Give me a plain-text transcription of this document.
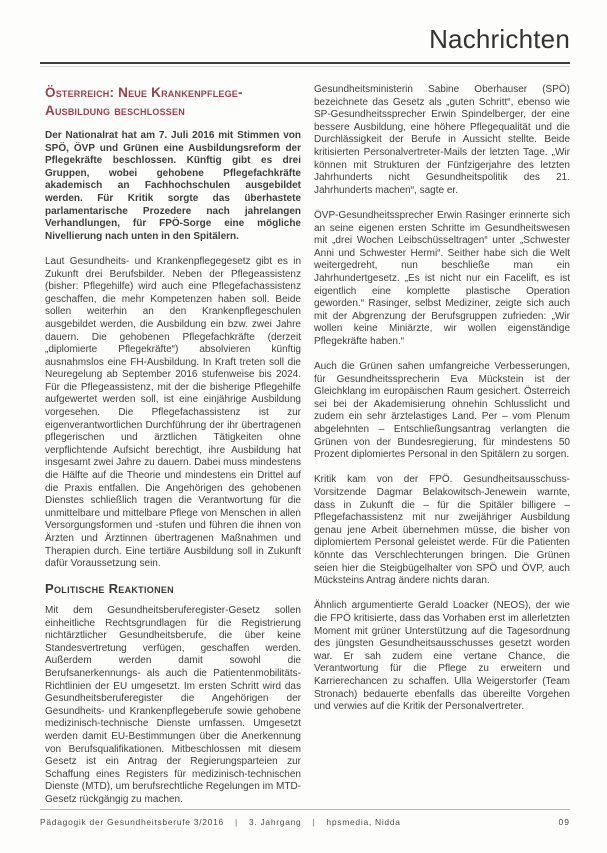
Nachrichten
Österreich: Neue Krankenpflege-Ausbildung beschlossen

Der Nationalrat hat am 7. Juli 2016 mit Stimmen von SPÖ, ÖVP und Grünen eine Ausbildungsreform der Pflegekräfte beschlossen. Künftig gibt es drei Gruppen, wobei gehobene Pflegefachkräfte akademisch an Fachhochschulen ausgebildet werden. Für Kritik sorgte das überhastete parlamentarische Prozedere nach jahrelangen Verhandlungen, für FPÖ-Sorge eine mögliche Nivellierung nach unten in den Spitälern.

Laut Gesundheits- und Krankenpflegegesetz gibt es in Zukunft drei Berufsbilder. Neben der Pflegeassistenz (bisher: Pflegehilfe) wird auch eine Pflegefachassistenz geschaffen, die mehr Kompetenzen haben soll. Beide sollen weiterhin an den Krankenpflegeschulen ausgebildet werden, die Ausbildung ein bzw. zwei Jahre dauern. Die gehobenen Pflegefachkräfte (derzeit „diplomierte Pflegekräfte“) absolvieren künftig ausnahmslos eine FH-Ausbildung. In Kraft treten soll die Neuregelung ab September 2016 stufenweise bis 2024. Für die Pflegeassistenz, mit der die bisherige Pflegehilfe aufgewertet werden soll, ist eine einjährige Ausbildung vorgesehen. Die Pflegefachassistenz ist zur eigenverantwortlichen Durchführung der ihr übertragenen pflegerischen und ärztlichen Tätigkeiten ohne verpflichtende Aufsicht berechtigt, ihre Ausbildung hat insgesamt zwei Jahre zu dauern. Dabei muss mindestens die Hälfte auf die Theorie und mindestens ein Drittel auf die Praxis entfallen. Die Angehörigen des gehobenen Dienstes schließlich tragen die Verantwortung für die unmittelbare und mittelbare Pflege von Menschen in allen Versorgungsformen und -stufen und führen die ihnen von Ärzten und Ärztinnen übertragenen Maßnahmen und Therapien durch. Eine tertiäre Ausbildung soll in Zukunft dafür Voraussetzung sein.

Politische Reaktionen

Mit dem Gesundheitsberuferegister-Gesetz sollen einheitliche Rechtsgrundlagen für die Registrierung nichtärztlicher Gesundheitsberufe, die über keine Standesvertretung verfügen, geschaffen werden. Außerdem werden damit sowohl die Berufsanerkennungs- als auch die Patientenmobilitäts-Richtlinien der EU umgesetzt. Im ersten Schritt wird das Gesundheitsberuferegister die Angehörigen der Gesundheits- und Krankenpflegeberufe sowie gehobene medizinisch-technische Dienste umfassen. Umgesetzt werden damit EU-Bestimmungen über die Anerkennung von Berufsqualifikationen. Mitbeschlossen mit diesem Gesetz ist ein Antrag der Regierungsparteien zur Schaffung eines Registers für medizinisch-technischen Dienste (MTD), um berufsrechtliche Regelungen im MTD-Gesetz rückgängig zu machen.

Gesundheitsministerin Sabine Oberhauser (SPÖ) bezeichnete das Gesetz als „guten Schritt“, ebenso wie SP-Gesundheitssprecher Erwin Spindelberger, der eine bessere Ausbildung, eine höhere Pflegequalität und die Durchlässigkeit der Berufe in Aussicht stellte. Beide kritisierten Personalvertreter-Mails der letzten Tage. „Wir können mit Strukturen der Fünfzigerjahre des letzten Jahrhunderts nicht Gesundheitspolitik des 21. Jahrhunderts machen“, sagte er.

ÖVP-Gesundheitssprecher Erwin Rasinger erinnerte sich an seine eigenen ersten Schritte im Gesundheitswesen mit „drei Wochen Leibschüsseltragen“ unter „Schwester Anni und Schwester Hermi“. Seither habe sich die Welt weitergedreht, nun beschließe man ein Jahrhundertgesetz. „Es ist nicht nur ein Facelift, es ist eigentlich eine komplette plastische Operation geworden.“ Rasinger, selbst Mediziner, zeigte sich auch mit der Abgrenzung der Berufsgruppen zufrieden: „Wir wollen keine Miniärzte, wir wollen eigenständige Pflegekräfte haben.“

Auch die Grünen sahen umfangreiche Verbesserungen, für Gesundheitssprecherin Eva Mückstein ist der Gleichklang im europäischen Raum gesichert. Österreich sei bei der Akademisierung ohnehin Schlusslicht und zudem ein sehr ärztelastiges Land. Per – vom Plenum abgelehnten – Entschließungsantrag verlangten die Grünen von der Bundesregierung, für mindestens 50 Prozent diplomiertes Personal in den Spitälern zu sorgen.

Kritik kam von der FPÖ. Gesundheitsausschuss-Vorsitzende Dagmar Belakowitsch-Jenewein warnte, dass in Zukunft die – für die Spitäler billigere – Pflegefachassistenz mit nur zweijähriger Ausbildung genau jene Arbeit übernehmen müsse, die bisher von diplomiertem Personal geleistet werde. Für die Patienten könnte das Verschlechterungen bringen. Die Grünen seien hier die Steigbügelhalter von SPÖ und ÖVP, auch Mücksteins Antrag ändere nichts daran.

Ähnlich argumentierte Gerald Loacker (NEOS), der wie die FPÖ kritisierte, dass das Vorhaben erst im allerletzten Moment mit grüner Unterstützung auf die Tagesordnung des jüngsten Gesundheitsausschusses gesetzt worden war. Er sah zudem eine vertane Chance, die Verantwortung für die Pflege zu erweitern und Karrierechancen zu schaffen. Ulla Weigerstorfer (Team Stronach) bedauerte ebenfalls das übereilte Vorgehen und verwies auf die Kritik der Personalvertreter.

Pädagogik der Gesundheitsberufe 3/2016 | 3. Jahrgang | hpsmedia, Nidda	09
